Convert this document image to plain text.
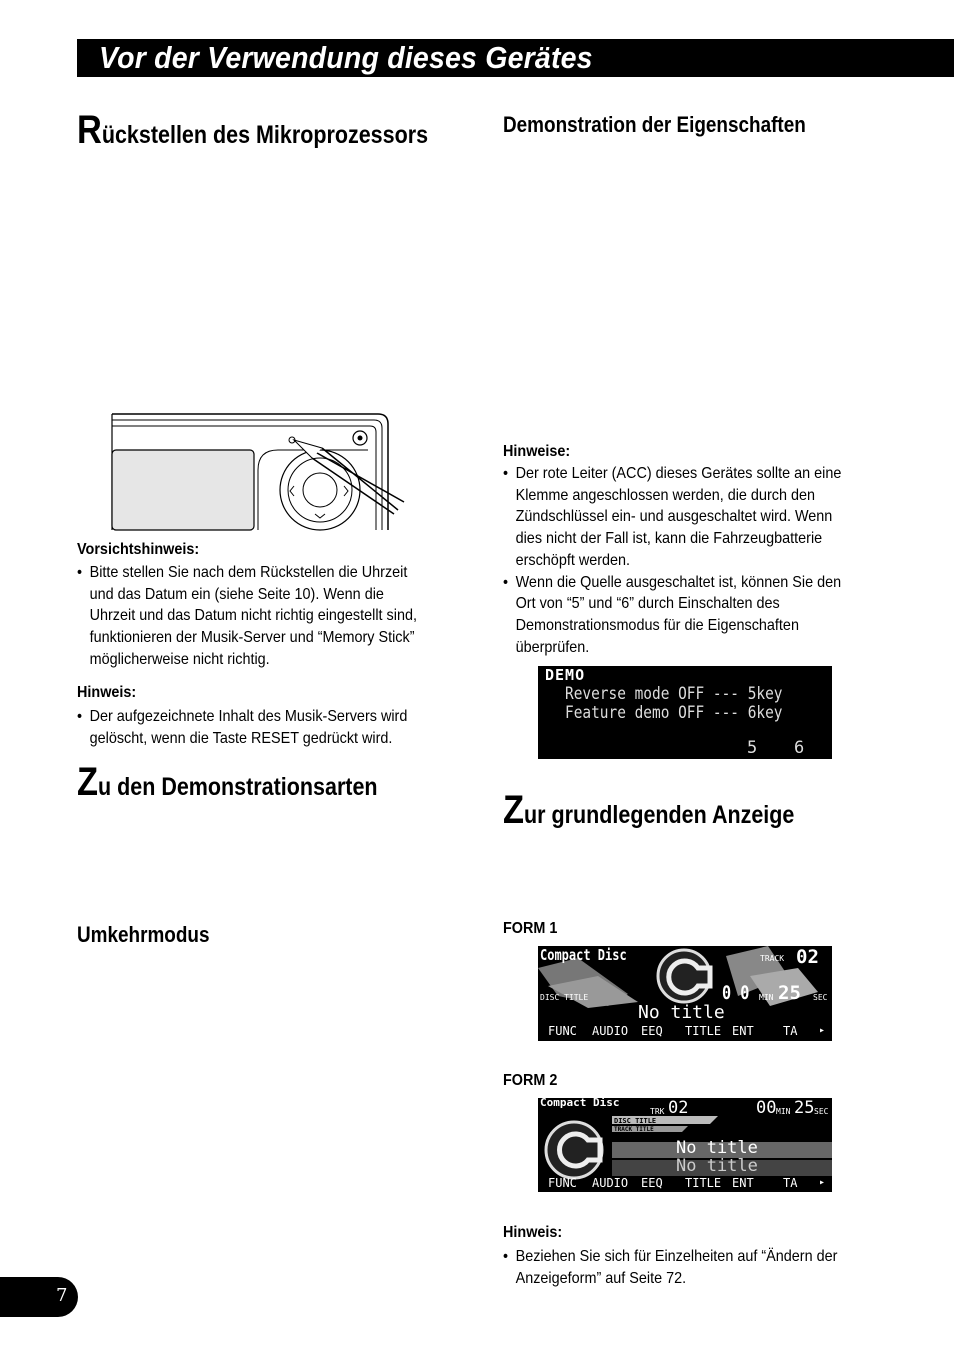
Vor der Verwendung dieses Gerätes
Rückstellen des Mikroprozessors
Vorsichtshinweis:
• Bitte stellen Sie nach dem Rückstellen die Uhrzeit
und das Datum ein (siehe Seite 10). Wenn die
Uhrzeit und das Datum nicht richtig eingestellt sind,
funktionieren der Musik-Server und “Memory Stick”
möglicherweise nicht richtig.
Hinweis:
• Der aufgezeichnete Inhalt des Musik-Servers wird
gelöscht, wenn die Taste RESET gedrückt wird.
Zu den Demonstrationsarten
Umkehrmodus
Demonstration der Eigenschaften
Hinweise:
• Der rote Leiter (ACC) dieses Gerätes sollte an eine
Klemme angeschlossen werden, die durch den
Zündschlüssel ein- und ausgeschaltet wird. Wenn
dies nicht der Fall ist, kann die Fahrzeugbatterie
erschöpft werden.
• Wenn die Quelle ausgeschaltet ist, können Sie den
Ort von “5” und “6” durch Einschalten des
Demonstrationsmodus für die Eigenschaften
überprüfen.
DEMO
Reverse mode OFF --- 5key
Feature demo OFF --- 6key
5 6
Zur grundlegenden Anzeige
FORM 1
Compact Disc	TRACK 02
DISC TITLE	0 0 MIN 25 SEC
No title
FUNC AUDIO EEQ TITLE ENT TA ▸
FORM 2
Compact Disc
TRK 02	00 MIN 25 SEC
DISC TITLE
TRACK TITLE
No title
No title
FUNC AUDIO EEQ TITLE ENT TA ▸
Hinweis:
• Beziehen Sie sich für Einzelheiten auf “Ändern der
Anzeigeform” auf Seite 72.
7
